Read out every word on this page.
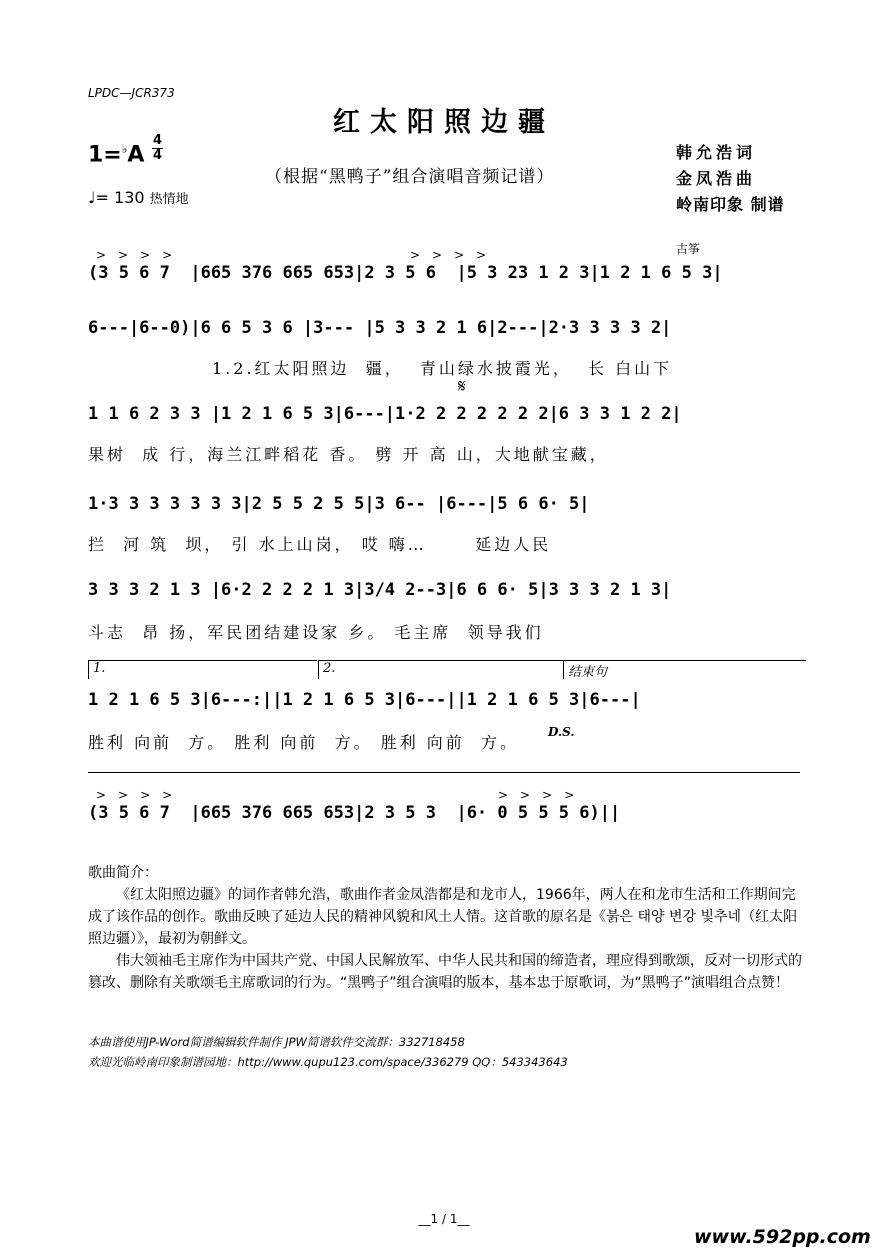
LPDC—JCR373
红太阳照边疆
1=♭A
4
4
（根据“黑鸭子”组合演唱音频记谱）
韩允浩词
金凤浩曲
岭南印象 制谱
♩= 130 热情地
古筝
>>>>	>>>>
(3 5 6 7  |665 376 665 653|2 3 5 6  |5 3 23 1 2 3|1 2 1 6 5 3|
6---|6--0)|6 6 5 3 6 |3--- |5 3 3 2 1 6|2---|2·3 3 3 3 2|
1.2.红太阳照边  疆，  青山绿水披霞光，  长 白山下
𝄋
1 1 6 2 3 3 |1 2 1 6 5 3|6---|1·2 2 2 2 2 2 2|6 3 3 1 2 2|
果树  成 行，海兰江畔稻花 香。 劈 开 高 山，大地献宝藏，
1·3 3 3 3 3 3 3|2 5 5 2 5 5|3 6-- |6---|5 6 6· 5|
拦  河 筑  坝， 引 水上山岗， 哎 嗨…      延边人民
3 3 3 2 1 3 |6·2 2 2 2 1 3|3/4 2--3|6 6 6· 5|3 3 3 2 1 3|
斗志  昂 扬，军民团结建设家 乡。 毛主席  领导我们
1.	2.	结束句
1 2 1 6 5 3|6---:||1 2 1 6 5 3|6---||1 2 1 6 5 3|6---|
D.S.
胜利 向前  方。 胜利 向前  方。 胜利 向前  方。
>>>>	>>>>
(3 5 6 7  |665 376 665 653|2 3 5 3  |6· 0 5 5 5 6)||

歌曲简介：

《红太阳照边疆》的词作者韩允浩，歌曲作者金凤浩都是和龙市人，1966年，两人在和龙市生活和工作期间完成了该作品的创作。歌曲反映了延边人民的精神风貌和风土人情。这首歌的原名是《붉은 태양 변강 빛추네（红太阳照边疆）》，最初为朝鲜文。

伟大领袖毛主席作为中国共产党、中国人民解放军、中华人民共和国的缔造者，理应得到歌颂，反对一切形式的篡改、删除有关歌颂毛主席歌词的行为。“黑鸭子”组合演唱的版本，基本忠于原歌词，为“黑鸭子”演唱组合点赞！

本曲谱使用JP-Word简谱编辑软件制作 JPW简谱软件交流群：332718458
欢迎光临岭南印象制谱园地：http://www.qupu123.com/space/336279 QQ：543343643
__1 / 1__
www.592pp.com
